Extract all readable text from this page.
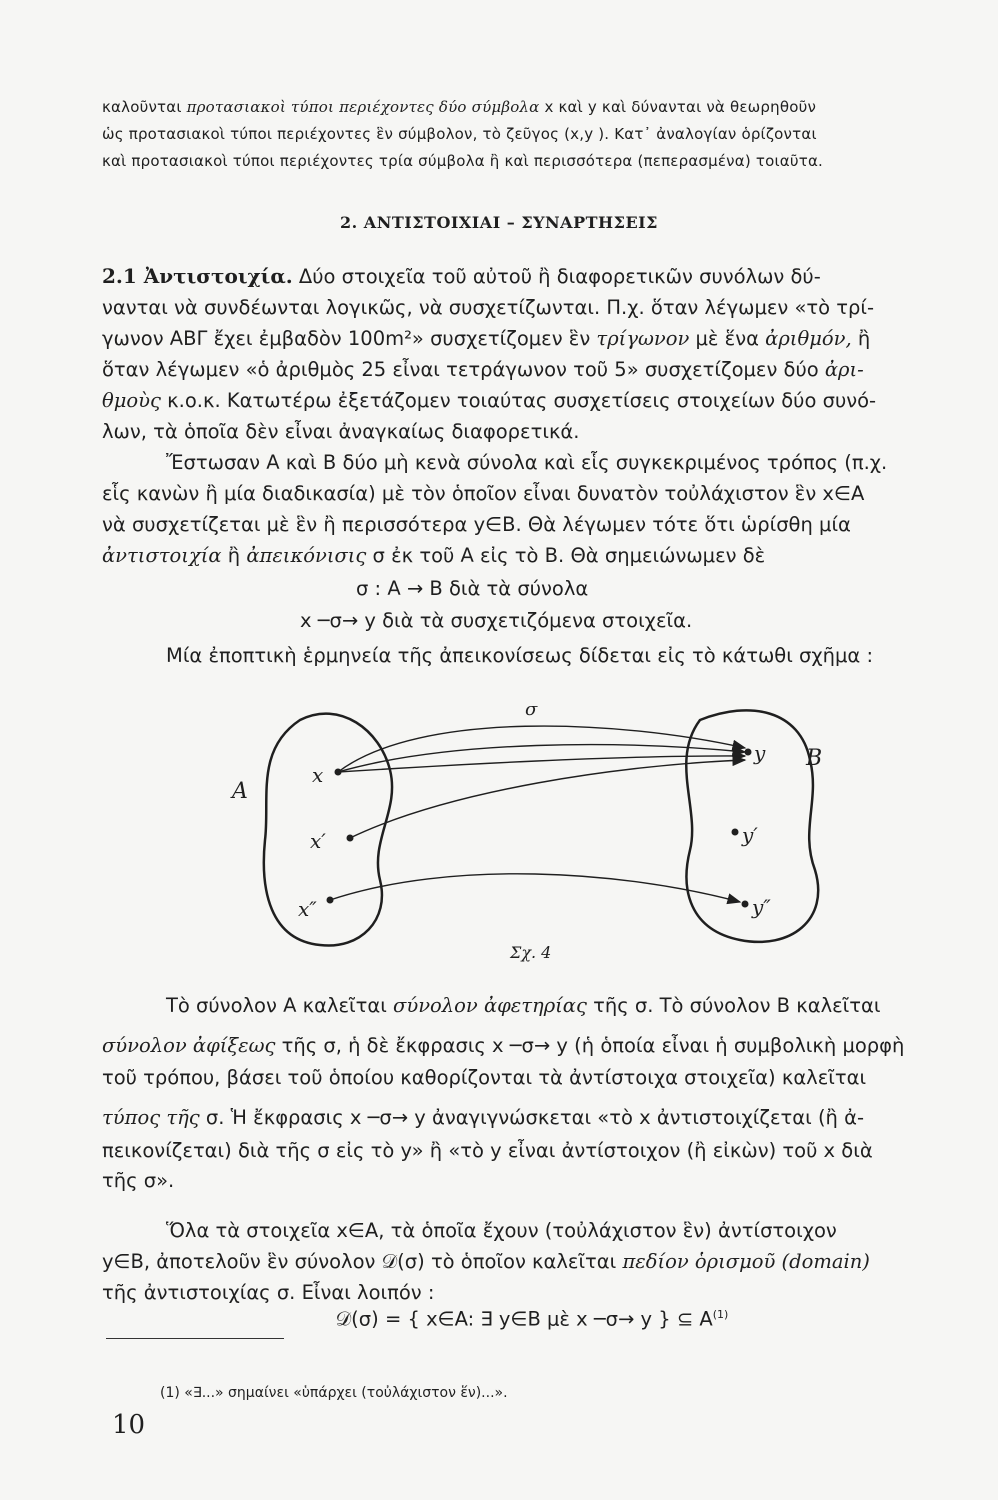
καλοῦνται προτασιακοὶ τύποι περιέχοντες δύο σύμβολα x καὶ y καὶ δύνανται νὰ θεωρηθοῦν

ὡς προτασιακοὶ τύποι περιέχοντες ἓν σύμβολον, τὸ ζεῦγος (x,y ). Κατ᾽ ἀναλογίαν ὁρίζονται

καὶ προτασιακοὶ τύποι περιέχοντες τρία σύμβολα ἢ καὶ περισσότερα (πεπερασμένα) τοιαῦτα.

2. ΑΝΤΙΣΤΟΙΧΙΑΙ – ΣΥΝΑΡΤΗΣΕΙΣ

2.1 Ἀντιστοιχία. Δύο στοιχεῖα τοῦ αὐτοῦ ἢ διαφορετικῶν συνόλων δύ-

νανται νὰ συνδέωνται λογικῶς, νὰ συσχετίζωνται. Π.χ. ὅταν λέγωμεν «τὸ τρί-

γωνον ΑΒΓ ἔχει ἐμβαδὸν 100m²» συσχετίζομεν ἓν τρίγωνον μὲ ἕνα ἀριθμόν, ἢ

ὅταν λέγωμεν «ὁ ἀριθμὸς 25 εἶναι τετράγωνον τοῦ 5» συσχετίζομεν δύο ἀρι-

θμοὺς κ.ο.κ. Κατωτέρω ἐξετάζομεν τοιαύτας συσχετίσεις στοιχείων δύο συνό-

λων, τὰ ὁποῖα δὲν εἶναι ἀναγκαίως διαφορετικά.

Ἔστωσαν Α καὶ Β δύο μὴ κενὰ σύνολα καὶ εἷς συγκεκριμένος τρόπος (π.χ.

εἷς κανὼν ἢ μία διαδικασία) μὲ τὸν ὁποῖον εἶναι δυνατὸν τοὐλάχιστον ἓν x∈A

νὰ συσχετίζεται μὲ ἓν ἢ περισσότερα y∈B. Θὰ λέγωμεν τότε ὅτι ὡρίσθη μία

ἀντιστοιχία ἢ ἀπεικόνισις σ ἐκ τοῦ Α εἰς τὸ Β. Θὰ σημειώνωμεν δὲ

σ : Α → Β διὰ τὰ σύνολα

x ─σ→ y διὰ τὰ συσχετιζόμενα στοιχεῖα.

Μία ἐποπτικὴ ἑρμηνεία τῆς ἀπεικονίσεως δίδεται εἰς τὸ κάτωθι σχῆμα :

σ
A
B
x
x′
x″
y
y′
y″
Σχ. 4

Τὸ σύνολον Α καλεῖται σύνολον ἀφετηρίας τῆς σ. Τὸ σύνολον Β καλεῖται

σύνολον ἀφίξεως τῆς σ, ἡ δὲ ἔκφρασις x ─σ→ y (ἡ ὁποία εἶναι ἡ συμβολικὴ μορφὴ

τοῦ τρόπου, βάσει τοῦ ὁποίου καθορίζονται τὰ ἀντίστοιχα στοιχεῖα) καλεῖται

τύπος τῆς σ. Ἡ ἔκφρασις x ─σ→ y ἀναγιγνώσκεται «τὸ x ἀντιστοιχίζεται (ἢ ἀ-

πεικονίζεται) διὰ τῆς σ εἰς τὸ y» ἢ «τὸ y εἶναι ἀντίστοιχον (ἢ εἰκὼν) τοῦ x διὰ

τῆς σ».

Ὅλα τὰ στοιχεῖα x∈A, τὰ ὁποῖα ἔχουν (τοὐλάχιστον ἓν) ἀντίστοιχον

y∈B, ἀποτελοῦν ἓν σύνολον 𝒟(σ) τὸ ὁποῖον καλεῖται πεδίον ὁρισμοῦ (domain)

τῆς ἀντιστοιχίας σ. Εἶναι λοιπόν :

𝒟(σ) = { x∈A: ∃ y∈B μὲ x ─σ→ y } ⊆ $A^{(1)}$

(1) «∃...» σημαίνει «ὑπάρχει (τοὐλάχιστον ἕν)...».
10
